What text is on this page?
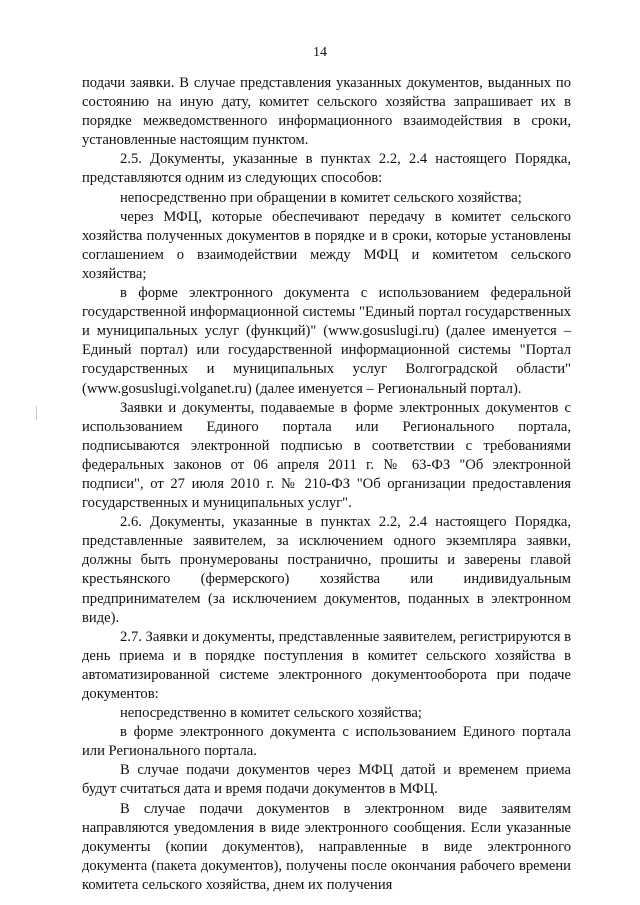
14

подачи заявки. В случае представления указанных документов, выданных по состоянию на иную дату, комитет сельского хозяйства запрашивает их в порядке межведомственного информационного взаимодействия в сроки, установленные настоящим пунктом.

2.5. Документы, указанные в пунктах 2.2, 2.4 настоящего Порядка, представляются одним из следующих способов:

непосредственно при обращении в комитет сельского хозяйства;

через МФЦ, которые обеспечивают передачу в комитет сельского хозяйства полученных документов в порядке и в сроки, которые установлены соглашением о взаимодействии между МФЦ и комитетом сельского хозяйства;

в форме электронного документа с использованием федеральной государственной информационной системы "Единый портал государственных и муниципальных услуг (функций)" (www.gosuslugi.ru) (далее именуется – Единый портал) или государственной информационной системы "Портал государственных и муниципальных услуг Волгоградской области" (www.gosuslugi.volganet.ru) (далее именуется – Региональный портал).

Заявки и документы, подаваемые в форме электронных документов с использованием Единого портала или Регионального портала, подписываются электронной подписью в соответствии с требованиями федеральных законов от 06 апреля 2011 г. № 63-ФЗ "Об электронной подписи", от 27 июля 2010 г. № 210-ФЗ "Об организации предоставления государственных и муниципальных услуг".

2.6. Документы, указанные в пунктах 2.2, 2.4 настоящего Порядка, представленные заявителем, за исключением одного экземпляра заявки, должны быть пронумерованы постранично, прошиты и заверены главой крестьянского (фермерского) хозяйства или индивидуальным предпринимателем (за исключением документов, поданных в электронном виде).

2.7. Заявки и документы, представленные заявителем, регистрируются в день приема и в порядке поступления в комитет сельского хозяйства в автоматизированной системе электронного документооборота при подаче документов:

непосредственно в комитет сельского хозяйства;

в форме электронного документа с использованием Единого портала или Регионального портала.

В случае подачи документов через МФЦ датой и временем приема будут считаться дата и время подачи документов в МФЦ.

В случае подачи документов в электронном виде заявителям направляются уведомления в виде электронного сообщения. Если указанные документы (копии документов), направленные в виде электронного документа (пакета документов), получены после окончания рабочего времени комитета сельского хозяйства, днем их получения
